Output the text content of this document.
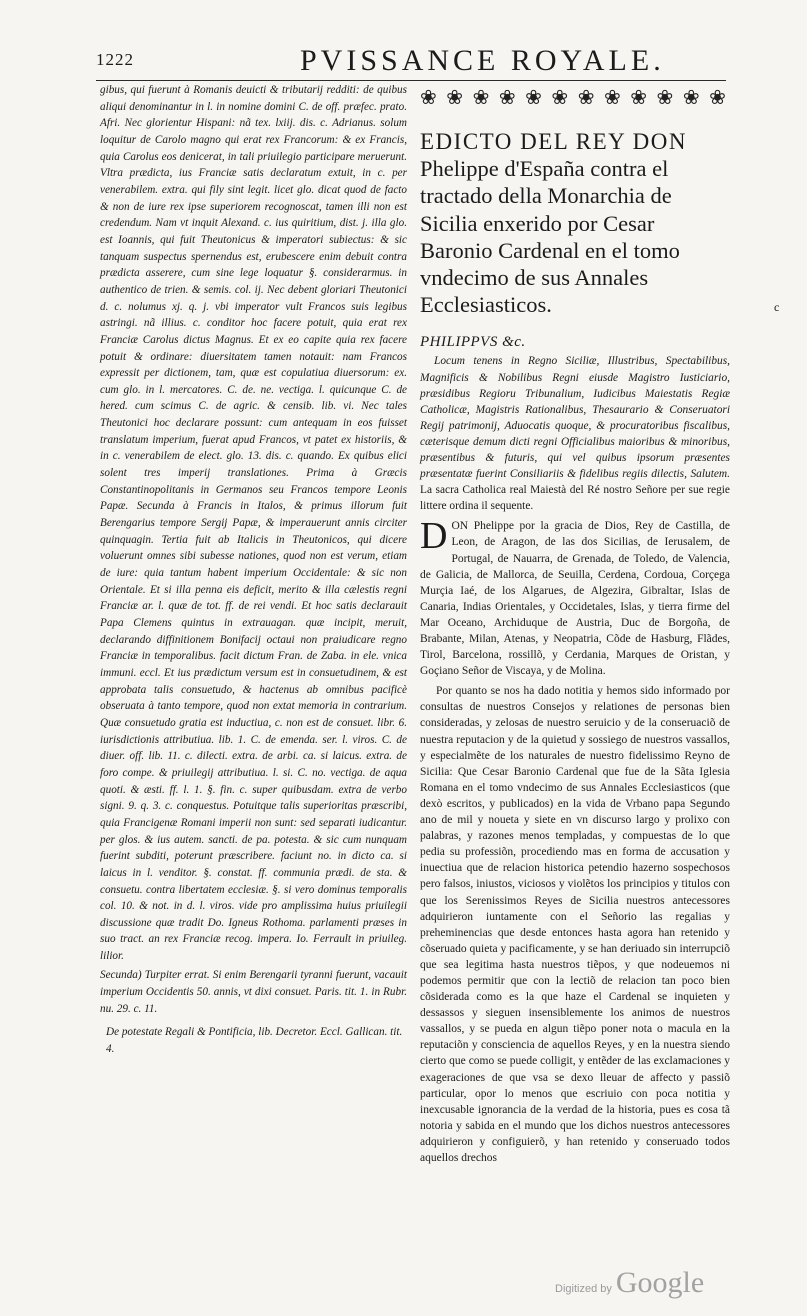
1222	PVISSANCE ROYALE.

gibus, qui fuerunt à Romanis deuicti & tributarij redditi: de quibus aliqui denominantur in l. in nomine domini C. de off. præfec. prato. Afri. Nec glorientur Hispani: nã tex. lxiij. dis. c. Adrianus. solum loquitur de Carolo magno qui erat rex Francorum: & ex Francis, quia Carolus eos denicerat, in tali priuilegio participare meruerunt. Vltra prædicta, ius Franciæ satis declaratum extuit, in c. per venerabilem. extra. qui fily sint legit. licet glo. dicat quod de facto & non de iure rex ipse superiorem recognoscat, tamen illi non est credendum. Nam vt inquit Alexand. c. ius quiritium, dist. j. illa glo. est Ioannis, qui fuit Theutonicus & imperatori subiectus: & sic tanquam suspectus spernendus est, erubescere enim debuit contra prædicta asserere, cum sine lege loquatur §. considerarmus. in authentico de trien. & semis. col. ij. Nec debent gloriari Theutonici d. c. nolumus xj. q. j. vbi imperator vult Francos suis legibus astringi. nã illius. c. conditor hoc facere potuit, quia erat rex Franciæ Carolus dictus Magnus. Et ex eo capite quia rex facere potuit & ordinare: diuersitatem tamen notauit: nam Francos expressit per dictionem, tam, quæ est copulatiua diuersorum: ex. cum glo. in l. mercatores. C. de. ne. vectiga. l. quicunque C. de hered. cum scimus C. de agric. & censib. lib. vi. Nec tales Theutonici hoc declarare possunt: cum antequam in eos fuisset translatum imperium, fuerat apud Francos, vt patet ex historiis, & in c. venerabilem de elect. glo. 13. dis. c. quando. Ex quibus elici solent tres imperij translationes. Prima à Græcis Constantinopolitanis in Germanos seu Francos tempore Leonis Papæ. Secunda à Francis in Italos, & primus illorum fuit Berengarius tempore Sergij Papæ, & imperauerunt annis circiter quinquagin. Tertia fuit ab Italicis in Theutonicos, qui dicere voluerunt omnes sibi subesse nationes, quod non est verum, etiam de iure: quia tantum habent imperium Occidentale: & sic non Orientale. Et si illa penna eis deficit, merito & illa cælestis regni Franciæ ar. l. quæ de tot. ff. de rei vendi. Et hoc satis declarauit Papa Clemens quintus in extrauagan. quæ incipit, meruit, declarando diffinitionem Bonifacij octaui non praiudicare regno Franciæ in temporalibus. facit dictum Fran. de Zaba. in ele. vnica immuni. eccl. Et ius prædictum versum est in consuetudinem, & est approbata talis consuetudo, & hactenus ab omnibus pacificè obseruata à tanto tempore, quod non extat memoria in contrarium. Quæ consuetudo gratia est inductiua, c. non est de consuet. libr. 6. iurisdictionis attributiua. lib. 1. C. de emenda. ser. l. viros. C. de diuer. off. lib. 11. c. dilecti. extra. de arbi. ca. si laicus. extra. de foro compe. & priuilegij attributiua. l. si. C. no. vectiga. de aqua quoti. & æsti. ff. l. 1. §. fin. c. super quibusdam. extra de verbo signi. 9. q. 3. c. conquestus. Potuitque talis superioritas præscribi, quia Francigenæ Romani imperii non sunt: sed separati iudicantur. per glos. & ius autem. sancti. de pa. potesta. & sic cum nunquam fuerint subditi, poterunt præscribere. faciunt no. in dicto ca. si laicus in l. venditor. §. constat. ff. communia prædi. de sta. & consuetu. contra libertatem ecclesiæ. §. si vero dominus temporalis col. 10. & not. in d. l. viros. vide pro amplissima huius priuilegii discussione quæ tradit Do. Igneus Rothoma. parlamenti præses in suo tract. an rex Franciæ recog. impera. Io. Ferrault in priuileg. lilior.

Secunda) Turpiter errat. Si enim Berengarii tyranni fuerunt, vacauit imperium Occidentis 50. annis, vt dixi consuet. Paris. tit. 1. in Rubr. nu. 29. c. 11.

De potestate Regali & Pontificia, lib. Decretor. Eccl. Gallican. tit. 4.

❀ ❀ ❀ ❀ ❀ ❀ ❀ ❀ ❀ ❀ ❀ ❀

EDICTO DEL REY DON Phelippe d'España contra el tractado della Monarchia de Sicilia enxerido por Cesar Baronio Cardenal en el tomo vndecimo de sus Annales Ecclesiasticos.

PHILIPPVS &c.

Locum tenens in Regno Siciliæ, Illustribus, Spectabilibus, Magnificis & Nobilibus Regni eiusde Magistro Iusticiario, præsidibus Regioru Tribunalium, Iudicibus Maiestatis Regiæ Catholicæ, Magistris Rationalibus, Thesaurario & Conseruatori Regij patrimonij, Aduocatis quoque, & procuratoribus fiscalibus, cæterisque demum dicti regni Officialibus maioribus & minoribus, præsentibus & futuris, qui vel quibus ipsorum præsentes præsentatæ fuerint Consiliariis & fidelibus regiis dilectis, Salutem. La sacra Catholica real Maiestà del Ré nostro Señore per sue regie littere ordina il sequente.

D ON Phelippe por la gracia de Dios, Rey de Castilla, de Leon, de Aragon, de las dos Sicilias, de Ierusalem, de Portugal, de Nauarra, de Grenada, de Toledo, de Valencia, de Galicia, de Mallorca, de Seuilla, Cerdena, Cordoua, Corçega Murçia Iaé, de los Algarues, de Algezira, Gibraltar, Islas de Canaria, Indias Orientales, y Occidetales, Islas, y tierra firme del Mar Oceano, Archiduque de Austria, Duc de Borgoña, de Brabante, Milan, Atenas, y Neopatria, Cõde de Hasburg, Flãdes, Tirol, Barcelona, rossillõ, y Cerdania, Marques de Oristan, y Goçiano Señor de Viscaya, y de Molina.

Por quanto se nos ha dado notitia y hemos sido informado por consultas de nuestros Consejos y relationes de personas bien consideradas, y zelosas de nuestro seruicio y de la conseruaciõ de nuestra reputacion y de la quietud y sossiego de nuestros vassallos, y especialmẽte de los naturales de nuestro fidelissimo Reyno de Sicilia: Que Cesar Baronio Cardenal que fue de la Sãta Iglesia Romana en el tomo vndecimo de sus Annales Ecclesiasticos (que dexò escritos, y publicados) en la vida de Vrbano papa Segundo ano de mil y noueta y siete en vn discurso largo y prolixo con palabras, y razones menos templadas, y compuestas de lo que pedia su professiõn, procediendo mas en forma de accusation y inuectiua que de relacion historica petendio hazerno sospechosos pero falsos, iniustos, viciosos y violẽtos los principios y titulos con que los Serenissimos Reyes de Sicilia nuestros antecessores adquirieron iuntamente con el Señorio las regalias y preheminencias que desde entonces hasta agora han retenido y cõseruado quieta y pacificamente, y se han deriuado sin interrupciõ que sea legitima hasta nuestros tiẽpos, y que nodeuemos ni podemos permitir que con la lectiõ de relacion tan poco bien cõsiderada como es la que haze el Cardenal se inquieten y dessassos y sieguen insensiblemente los animos de nuestros vassallos, y se pueda en algun tiẽpo poner nota o macula en la reputaciõn y consciencia de aquellos Reyes, y en la nuestra siendo cierto que como se puede colligit, y entẽder de las exclamaciones y exageraciones de que vsa se dexo lleuar de affecto y passiõ particular, opor lo menos que escriuio con poca notitia y inexcusable ignorancia de la verdad de la historia, pues es cosa tã notoria y sabida en el mundo que los dichos nuestros antecessores adquirieron y configuierõ, y han retenido y conseruado todos aquellos drechos

c
Digitized by Google
